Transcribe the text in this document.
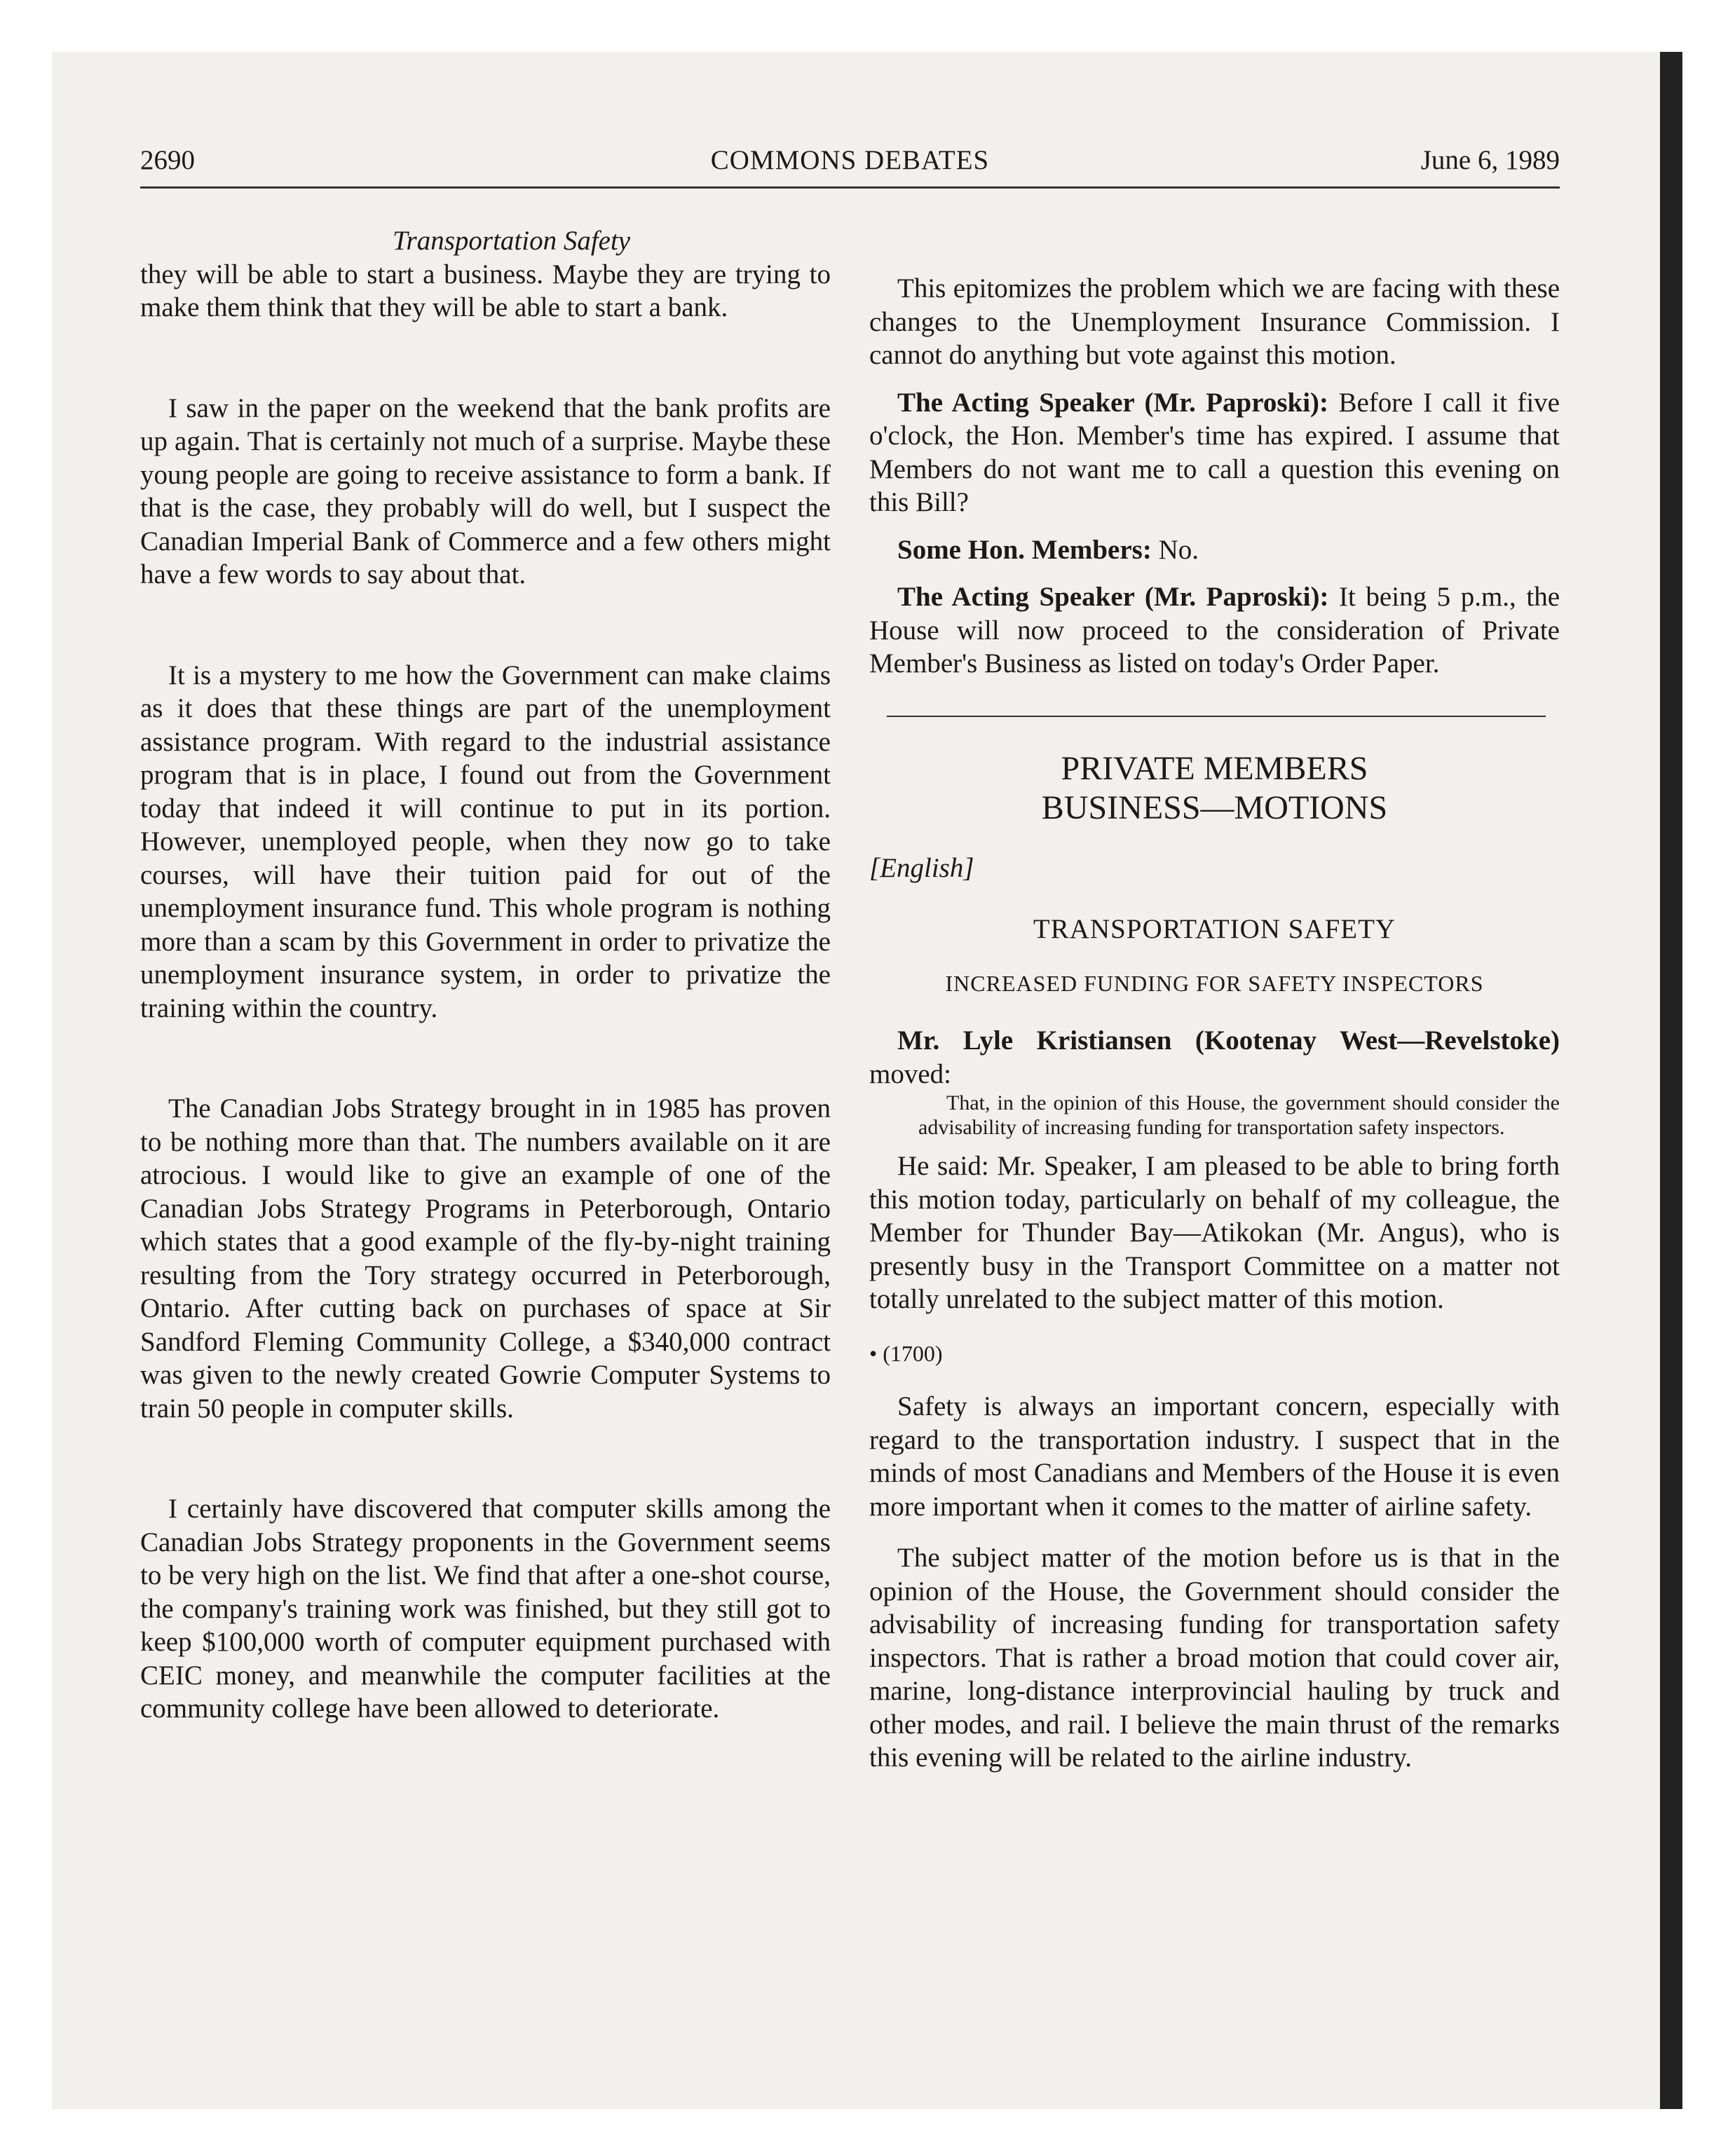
2690	COMMONS DEBATES	June 6, 1989

Transportation Safety

they will be able to start a business. Maybe they are trying to make them think that they will be able to start a bank.

I saw in the paper on the weekend that the bank profits are up again. That is certainly not much of a surprise. Maybe these young people are going to receive assistance to form a bank. If that is the case, they probably will do well, but I suspect the Canadian Imperial Bank of Commerce and a few others might have a few words to say about that.

It is a mystery to me how the Government can make claims as it does that these things are part of the unemployment assistance program. With regard to the industrial assistance program that is in place, I found out from the Government today that indeed it will continue to put in its portion. However, unemployed people, when they now go to take courses, will have their tuition paid for out of the unemployment insurance fund. This whole program is nothing more than a scam by this Government in order to privatize the unemployment insurance system, in order to privatize the training within the country.

The Canadian Jobs Strategy brought in in 1985 has proven to be nothing more than that. The numbers available on it are atrocious. I would like to give an example of one of the Canadian Jobs Strategy Programs in Peterborough, Ontario which states that a good example of the fly-by-night training resulting from the Tory strategy occurred in Peterborough, Ontario. After cutting back on purchases of space at Sir Sandford Fleming Community College, a $340,000 contract was given to the newly created Gowrie Computer Systems to train 50 people in computer skills.

I certainly have discovered that computer skills among the Canadian Jobs Strategy proponents in the Government seems to be very high on the list. We find that after a one-shot course, the company's training work was finished, but they still got to keep $100,000 worth of computer equipment purchased with CEIC money, and meanwhile the computer facilities at the community college have been allowed to deteriorate.

This epitomizes the problem which we are facing with these changes to the Unemployment Insurance Commission. I cannot do anything but vote against this motion.

The Acting Speaker (Mr. Paproski): Before I call it five o'clock, the Hon. Member's time has expired. I assume that Members do not want me to call a question this evening on this Bill?

Some Hon. Members: No.

The Acting Speaker (Mr. Paproski): It being 5 p.m., the House will now proceed to the consideration of Private Member's Business as listed on today's Order Paper.

PRIVATE MEMBERS
BUSINESS—MOTIONS
[English]
TRANSPORTATION SAFETY
INCREASED FUNDING FOR SAFETY INSPECTORS

Mr. Lyle Kristiansen (Kootenay West—Revelstoke) moved:

That, in the opinion of this House, the government should consider the advisability of increasing funding for transportation safety inspectors.

He said: Mr. Speaker, I am pleased to be able to bring forth this motion today, particularly on behalf of my colleague, the Member for Thunder Bay—Atikokan (Mr. Angus), who is presently busy in the Transport Committee on a matter not totally unrelated to the subject matter of this motion.

• (1700)

Safety is always an important concern, especially with regard to the transportation industry. I suspect that in the minds of most Canadians and Members of the House it is even more important when it comes to the matter of airline safety.

The subject matter of the motion before us is that in the opinion of the House, the Government should consider the advisability of increasing funding for transportation safety inspectors. That is rather a broad motion that could cover air, marine, long-distance interprovincial hauling by truck and other modes, and rail. I believe the main thrust of the remarks this evening will be related to the airline industry.
